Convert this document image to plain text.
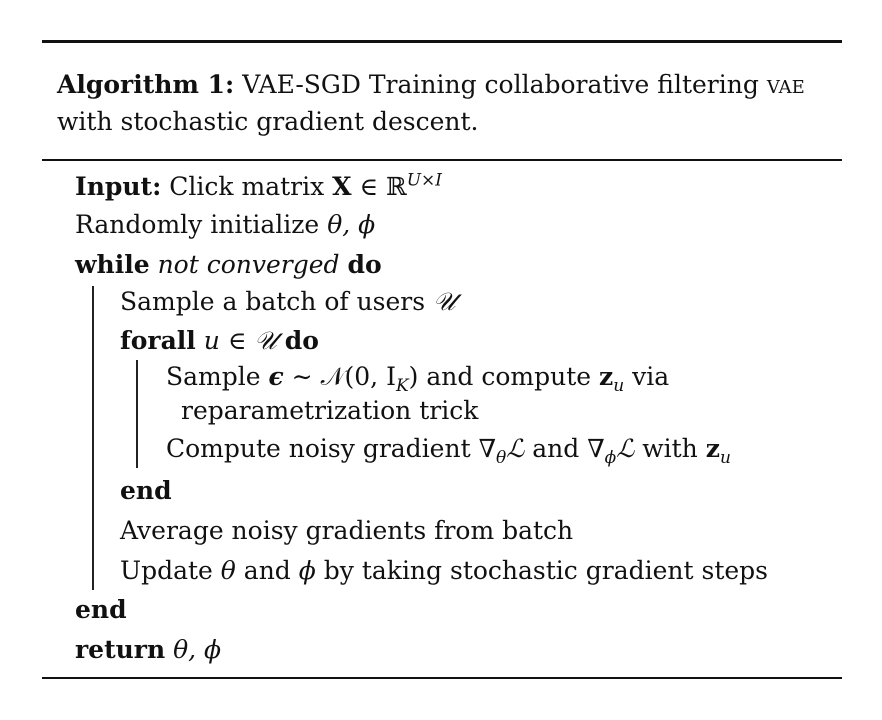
Algorithm 1: VAE-SGD Training collaborative filtering vae
with stochastic gradient descent.
Input: Click matrix X ∈ ℝ$^{U\times I}$
Randomly initialize θ, ϕ
while not converged do
Sample a batch of users 𝒰
forall u ∈ 𝒰 do
Sample ϵ ∼ 𝒩(0, $I_K$) and compute $z_u$ via
reparametrization trick
Compute noisy gradient $\nabla_\theta ℒ$ and $\nabla_\phi ℒ$ with $z_u$
end
Average noisy gradients from batch
Update θ and ϕ by taking stochastic gradient steps
end
return θ, ϕ
